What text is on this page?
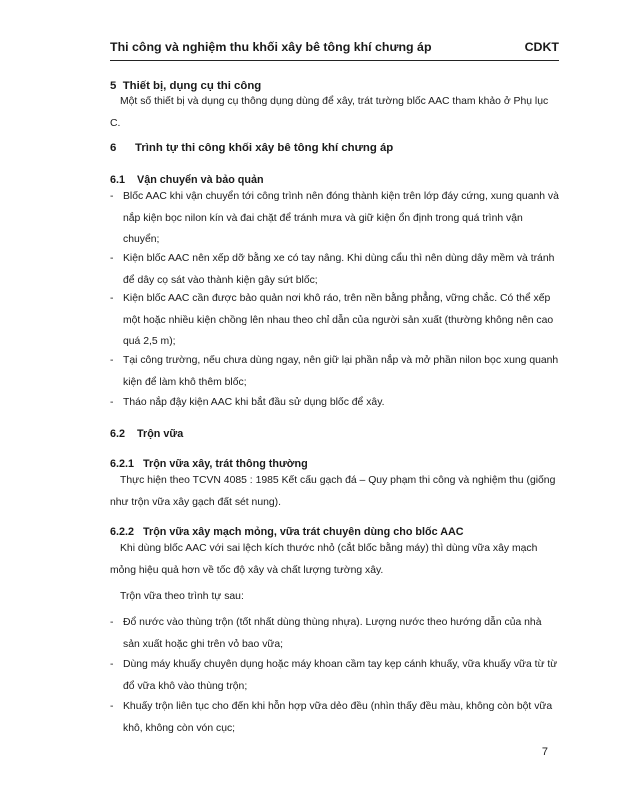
Thi công và nghiệm thu khối xây bê tông khí chưng áp	CDKT
5 Thiết bị, dụng cụ thi công
Một số thiết bị và dụng cụ thông dụng dùng để xây, trát tường blốc AAC tham khảo ở Phụ lục C.
6 Trình tự thi công khối xây bê tông khí chưng áp
6.1 Vận chuyển và bảo quản
- Blốc AAC khi vận chuyển tới công trình nên đóng thành kiện trên lớp đáy cứng, xung quanh và nắp kiện bọc nilon kín và đai chặt để tránh mưa và giữ kiện ổn định trong quá trình vận chuyển;
- Kiện blốc AAC nên xếp dỡ bằng xe có tay nâng. Khi dùng cẩu thì nên dùng dây mềm và tránh để dây cọ sát vào thành kiện gây sứt blốc;
- Kiện blốc AAC cần được bảo quản nơi khô ráo, trên nền bằng phẳng, vững chắc. Có thể xếp một hoặc nhiều kiện chồng lên nhau theo chỉ dẫn của người sản xuất (thường không nên cao quá 2,5 m);
- Tại công trường, nếu chưa dùng ngay, nên giữ lại phần nắp và mở phần nilon bọc xung quanh kiện để làm khô thêm blốc;
- Tháo nắp đậy kiện AAC khi bắt đầu sử dụng blốc để xây.
6.2 Trộn vữa
6.2.1 Trộn vữa xây, trát thông thường
Thực hiện theo TCVN 4085 : 1985 Kết cấu gạch đá – Quy phạm thi công và nghiệm thu (giống như trộn vữa xây gạch đất sét nung).
6.2.2 Trộn vữa xây mạch mỏng, vữa trát chuyên dùng cho blốc AAC
Khi dùng blốc AAC với sai lệch kích thước nhỏ (cắt blốc bằng máy) thì dùng vữa xây mạch mỏng hiệu quả hơn về tốc độ xây và chất lượng tường xây.
Trộn vữa theo trình tự sau:
- Đổ nước vào thùng trộn (tốt nhất dùng thùng nhựa). Lượng nước theo hướng dẫn của nhà sản xuất hoặc ghi trên vỏ bao vữa;
- Dùng máy khuấy chuyên dụng hoặc máy khoan cầm tay kẹp cánh khuấy, vữa khuấy vữa từ từ đổ vữa khô vào thùng trộn;
- Khuấy trộn liên tục cho đến khi hỗn hợp vữa dẻo đều (nhìn thấy đều màu, không còn bột vữa khô, không còn vón cục;
7
